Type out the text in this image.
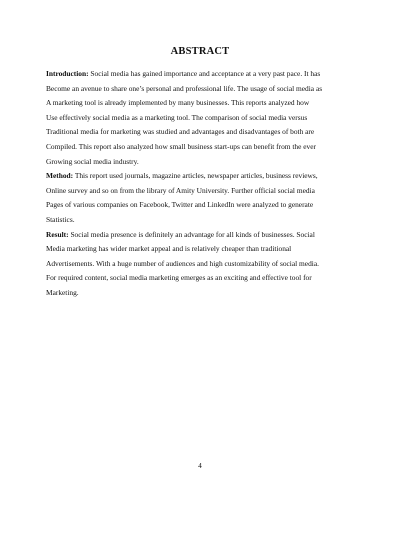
ABSTRACT
Introduction: Social media has gained importance and acceptance at a very past pace. It has
Become an avenue to share one’s personal and professional life. The usage of social media as
A marketing tool is already implemented by many businesses. This reports analyzed how
Use effectively social media as a marketing tool. The comparison of social media versus
Traditional media for marketing was studied and advantages and disadvantages of both are
Compiled. This report also analyzed how small business start-ups can benefit from the ever
Growing social media industry.
Method: This report used journals, magazine articles, newspaper articles, business reviews,
Online survey and so on from the library of Amity University. Further official social media
Pages of various companies on Facebook, Twitter and LinkedIn were analyzed to generate
Statistics.
Result: Social media presence is definitely an advantage for all kinds of businesses. Social
Media marketing has wider market appeal and is relatively cheaper than traditional
Advertisements. With a huge number of audiences and high customizability of social media.
For required content, social media marketing emerges as an exciting and effective tool for
Marketing.
4
